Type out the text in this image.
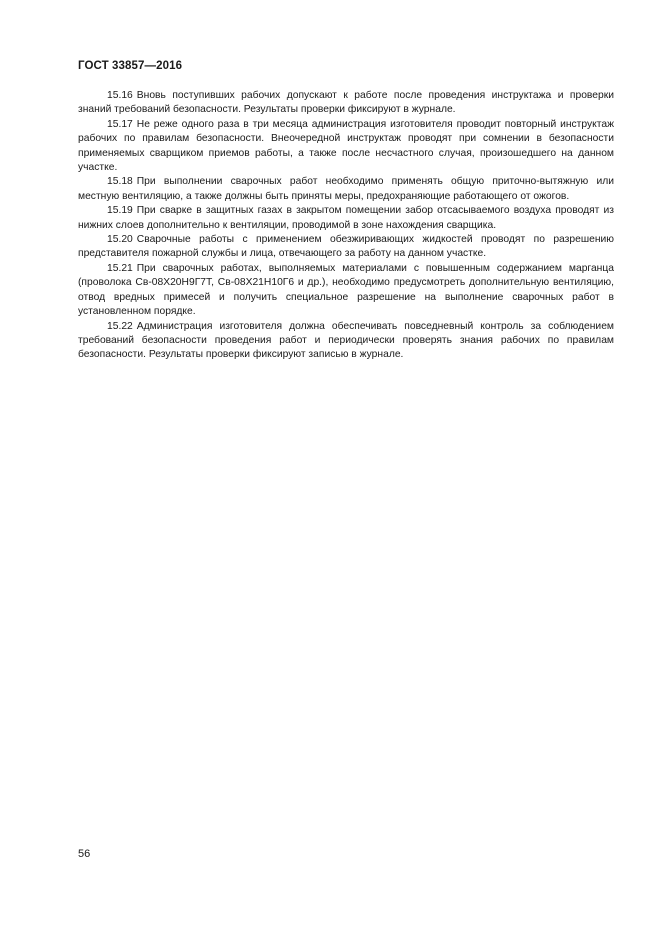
ГОСТ 33857—2016

15.16 Вновь поступивших рабочих допускают к работе после проведения инструктажа и проверки знаний требований безопасности. Результаты проверки фиксируют в журнале.

15.17 Не реже одного раза в три месяца администрация изготовителя проводит повторный инструктаж рабочих по правилам безопасности. Внеочередной инструктаж проводят при сомнении в безопасности применяемых сварщиком приемов работы, а также после несчастного случая, произошедшего на данном участке.

15.18 При выполнении сварочных работ необходимо применять общую приточно-вытяжную или местную вентиляцию, а также должны быть приняты меры, предохраняющие работающего от ожогов.

15.19 При сварке в защитных газах в закрытом помещении забор отсасываемого воздуха проводят из нижних слоев дополнительно к вентиляции, проводимой в зоне нахождения сварщика.

15.20 Сварочные работы с применением обезжиривающих жидкостей проводят по разрешению представителя пожарной службы и лица, отвечающего за работу на данном участке.

15.21 При сварочных работах, выполняемых материалами с повышенным содержанием марганца (проволока Св-08Х20Н9Г7Т, Св-08Х21Н10Г6 и др.), необходимо предусмотреть дополнительную вентиляцию, отвод вредных примесей и получить специальное разрешение на выполнение сварочных работ в установленном порядке.

15.22 Администрация изготовителя должна обеспечивать повседневный контроль за соблюдением требований безопасности проведения работ и периодически проверять знания рабочих по правилам безопасности. Результаты проверки фиксируют записью в журнале.

56
